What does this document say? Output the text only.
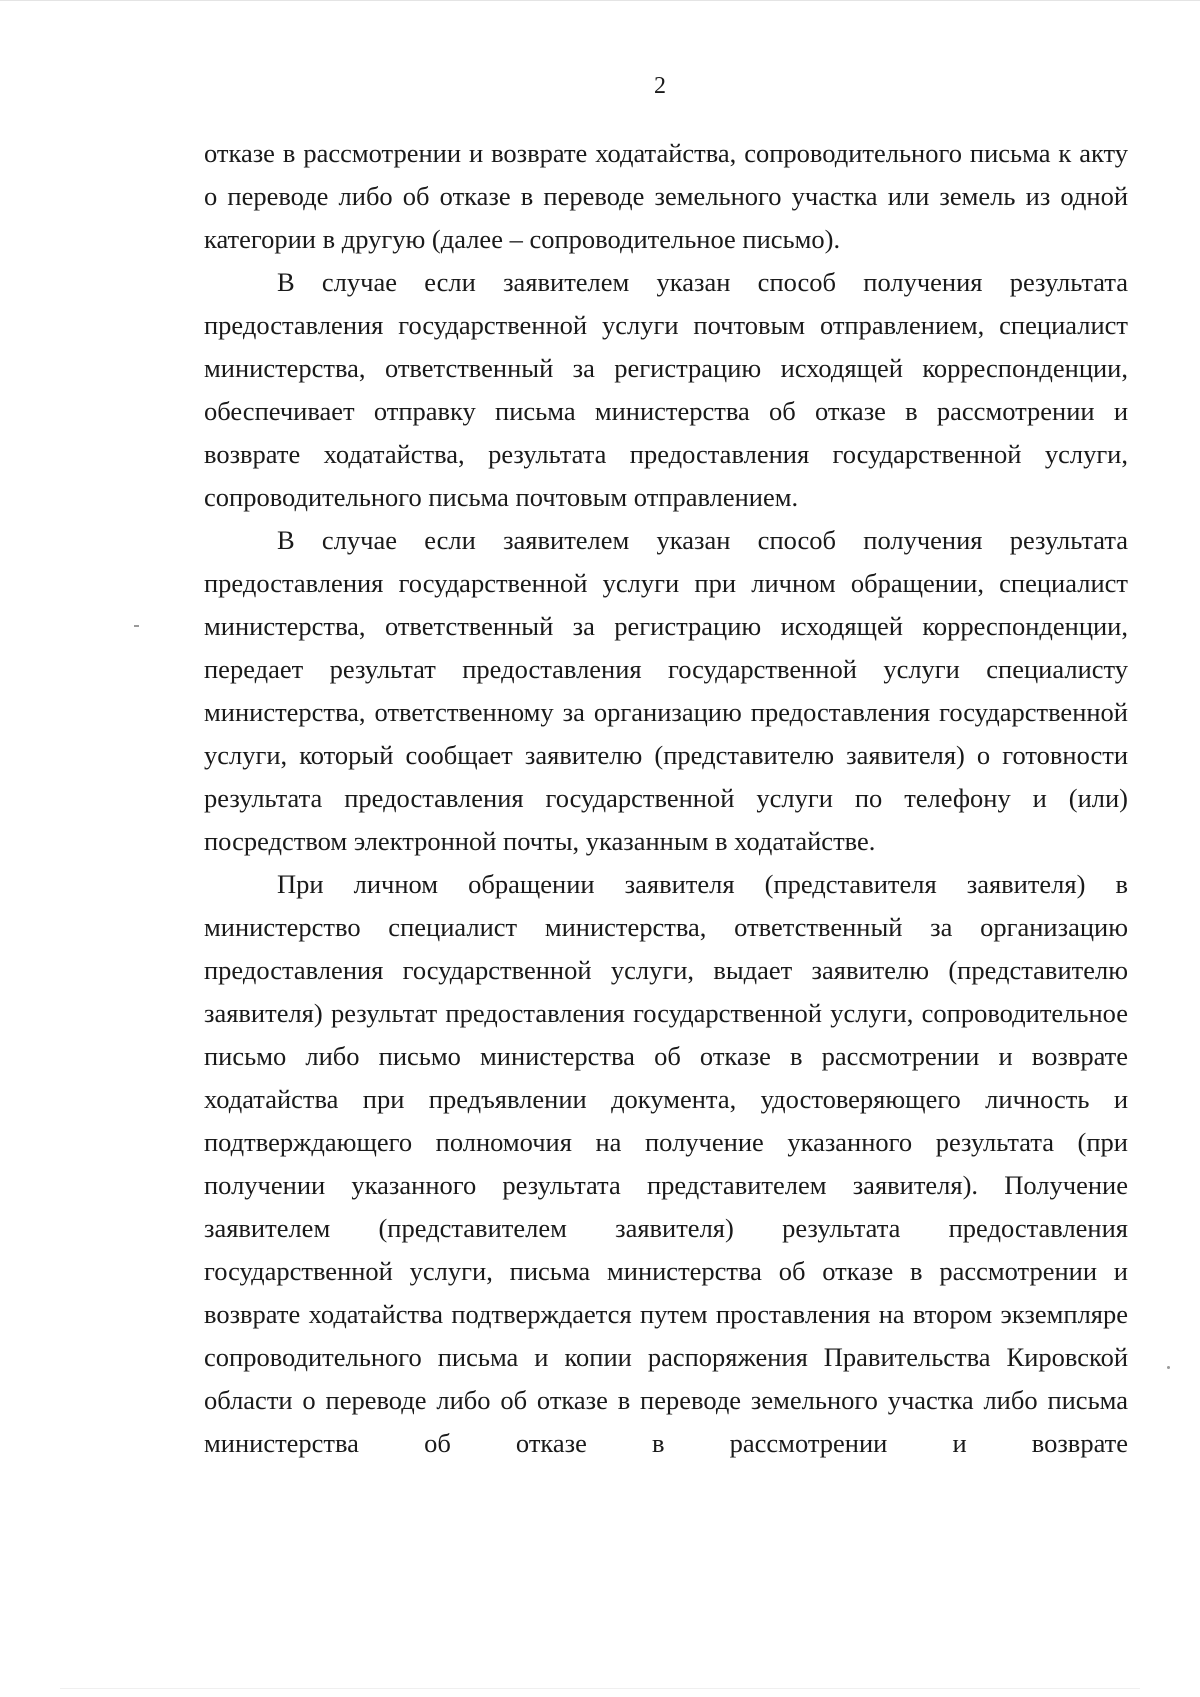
2

отказе в рассмотрении и возврате ходатайства, сопроводительного письма к акту о переводе либо об отказе в переводе земельного участка или земель из одной категории в другую (далее – сопроводительное письмо).

В случае если заявителем указан способ получения результата предоставления государственной услуги почтовым отправлением, специалист министерства, ответственный за регистрацию исходящей корреспонденции, обеспечивает отправку письма министерства об отказе в рассмотрении и возврате ходатайства, результата предоставления государственной услуги, сопроводительного письма почтовым отправлением.

В случае если заявителем указан способ получения результата предоставления государственной услуги при личном обращении, специалист министерства, ответственный за регистрацию исходящей корреспонденции, передает результат предоставления государственной услуги специалисту министерства, ответственному за организацию предоставления государственной услуги, который сообщает заявителю (представителю заявителя) о готовности результата предоставления государственной услуги по телефону и (или) посредством электронной почты, указанным в ходатайстве.

При личном обращении заявителя (представителя заявителя) в министерство специалист министерства, ответственный за организацию предоставления государственной услуги, выдает заявителю (представителю заявителя) результат предоставления государственной услуги, сопроводительное письмо либо письмо министерства об отказе в рассмотрении и возврате ходатайства при предъявлении документа, удостоверяющего личность и подтверждающего полномочия на получение указанного результата (при получении указанного результата представителем заявителя). Получение заявителем (представителем заявителя) результата предоставления государственной услуги, письма министерства об отказе в рассмотрении и возврате ходатайства подтверждается путем проставления на втором экземпляре сопроводительного письма и копии распоряжения Правительства Кировской области о переводе либо об отказе в переводе земельного участка либо письма министерства об отказе в рассмотрении и возврате
